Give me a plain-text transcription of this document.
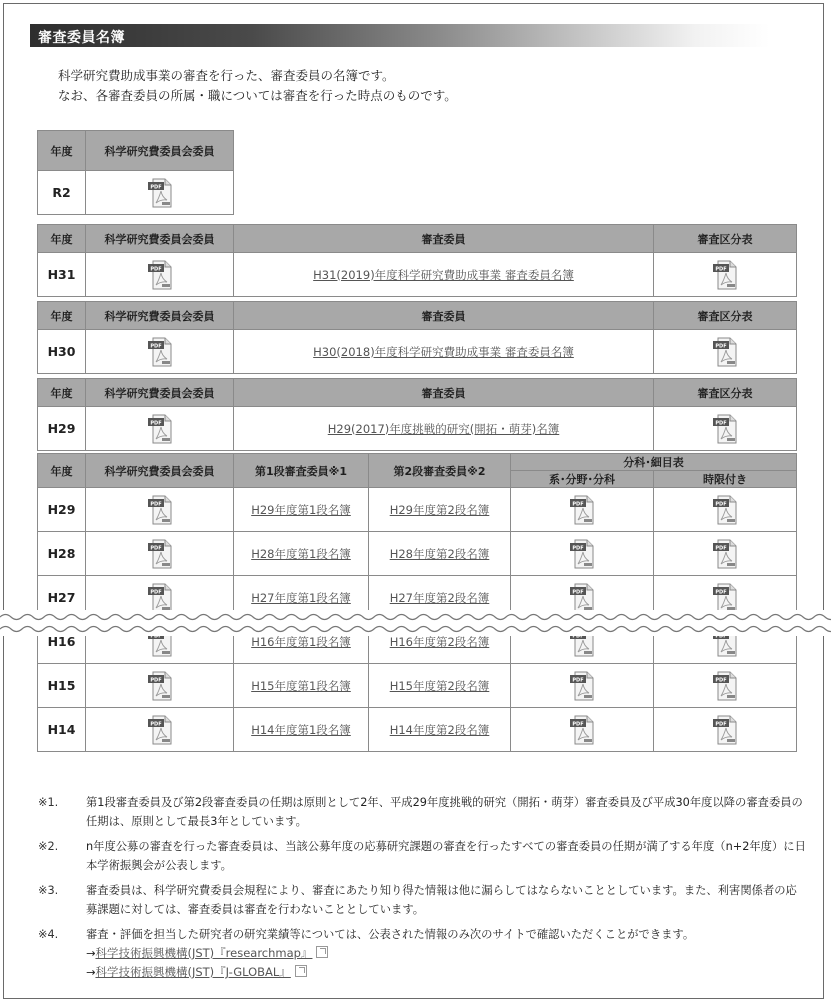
審査委員名簿
科学研究費助成事業の審査を行った、審査委員の名簿です。
なお、各審査委員の所属・職については審査を行った時点のものです。
年度	科学研究費委員会委員
R2	
年度	科学研究費委員会委員	審査委員	審査区分表
H31		H31(2019)年度科学研究費助成事業 審査委員名簿	
年度	科学研究費委員会委員	審査委員	審査区分表
H30		H30(2018)年度科学研究費助成事業 審査委員名簿	
年度	科学研究費委員会委員	審査委員	審査区分表
H29		H29(2017)年度挑戦的研究(開拓・萌芽)名簿	
年度	科学研究費委員会委員	第1段審査委員※1	第2段審査委員※2	分科･細目表	
				系･分野･分科	時限付き
H29		H29年度第1段名簿	H29年度第2段名簿		
H28		H28年度第1段名簿	H28年度第2段名簿		
H27		H27年度第1段名簿	H27年度第2段名簿		
H16		H16年度第1段名簿	H16年度第2段名簿		
H15		H15年度第1段名簿	H15年度第2段名簿		
H14		H14年度第1段名簿	H14年度第2段名簿		
※1.	第1段審査委員及び第2段審査委員の任期は原則として2年、平成29年度挑戦的研究（開拓・萌芽）審査委員及び平成30年度以降の審査委員の任期は、原則として最長3年としています。
※2.	n年度公募の審査を行った審査委員は、当該公募年度の応募研究課題の審査を行ったすべての審査委員の任期が満了する年度（n+2年度）に日本学術振興会が公表します。
※3.	審査委員は、科学研究費委員会規程により、審査にあたり知り得た情報は他に漏らしてはならないこととしています。また、利害関係者の応募課題に対しては、審査委員は審査を行わないこととしています。
※4.	審査・評価を担当した研究者の研究業績等については、公表された情報のみ次のサイトで確認いただくことができます。
→科学技術振興機構(JST)『researchmap』
→科学技術振興機構(JST)『J-GLOBAL』
